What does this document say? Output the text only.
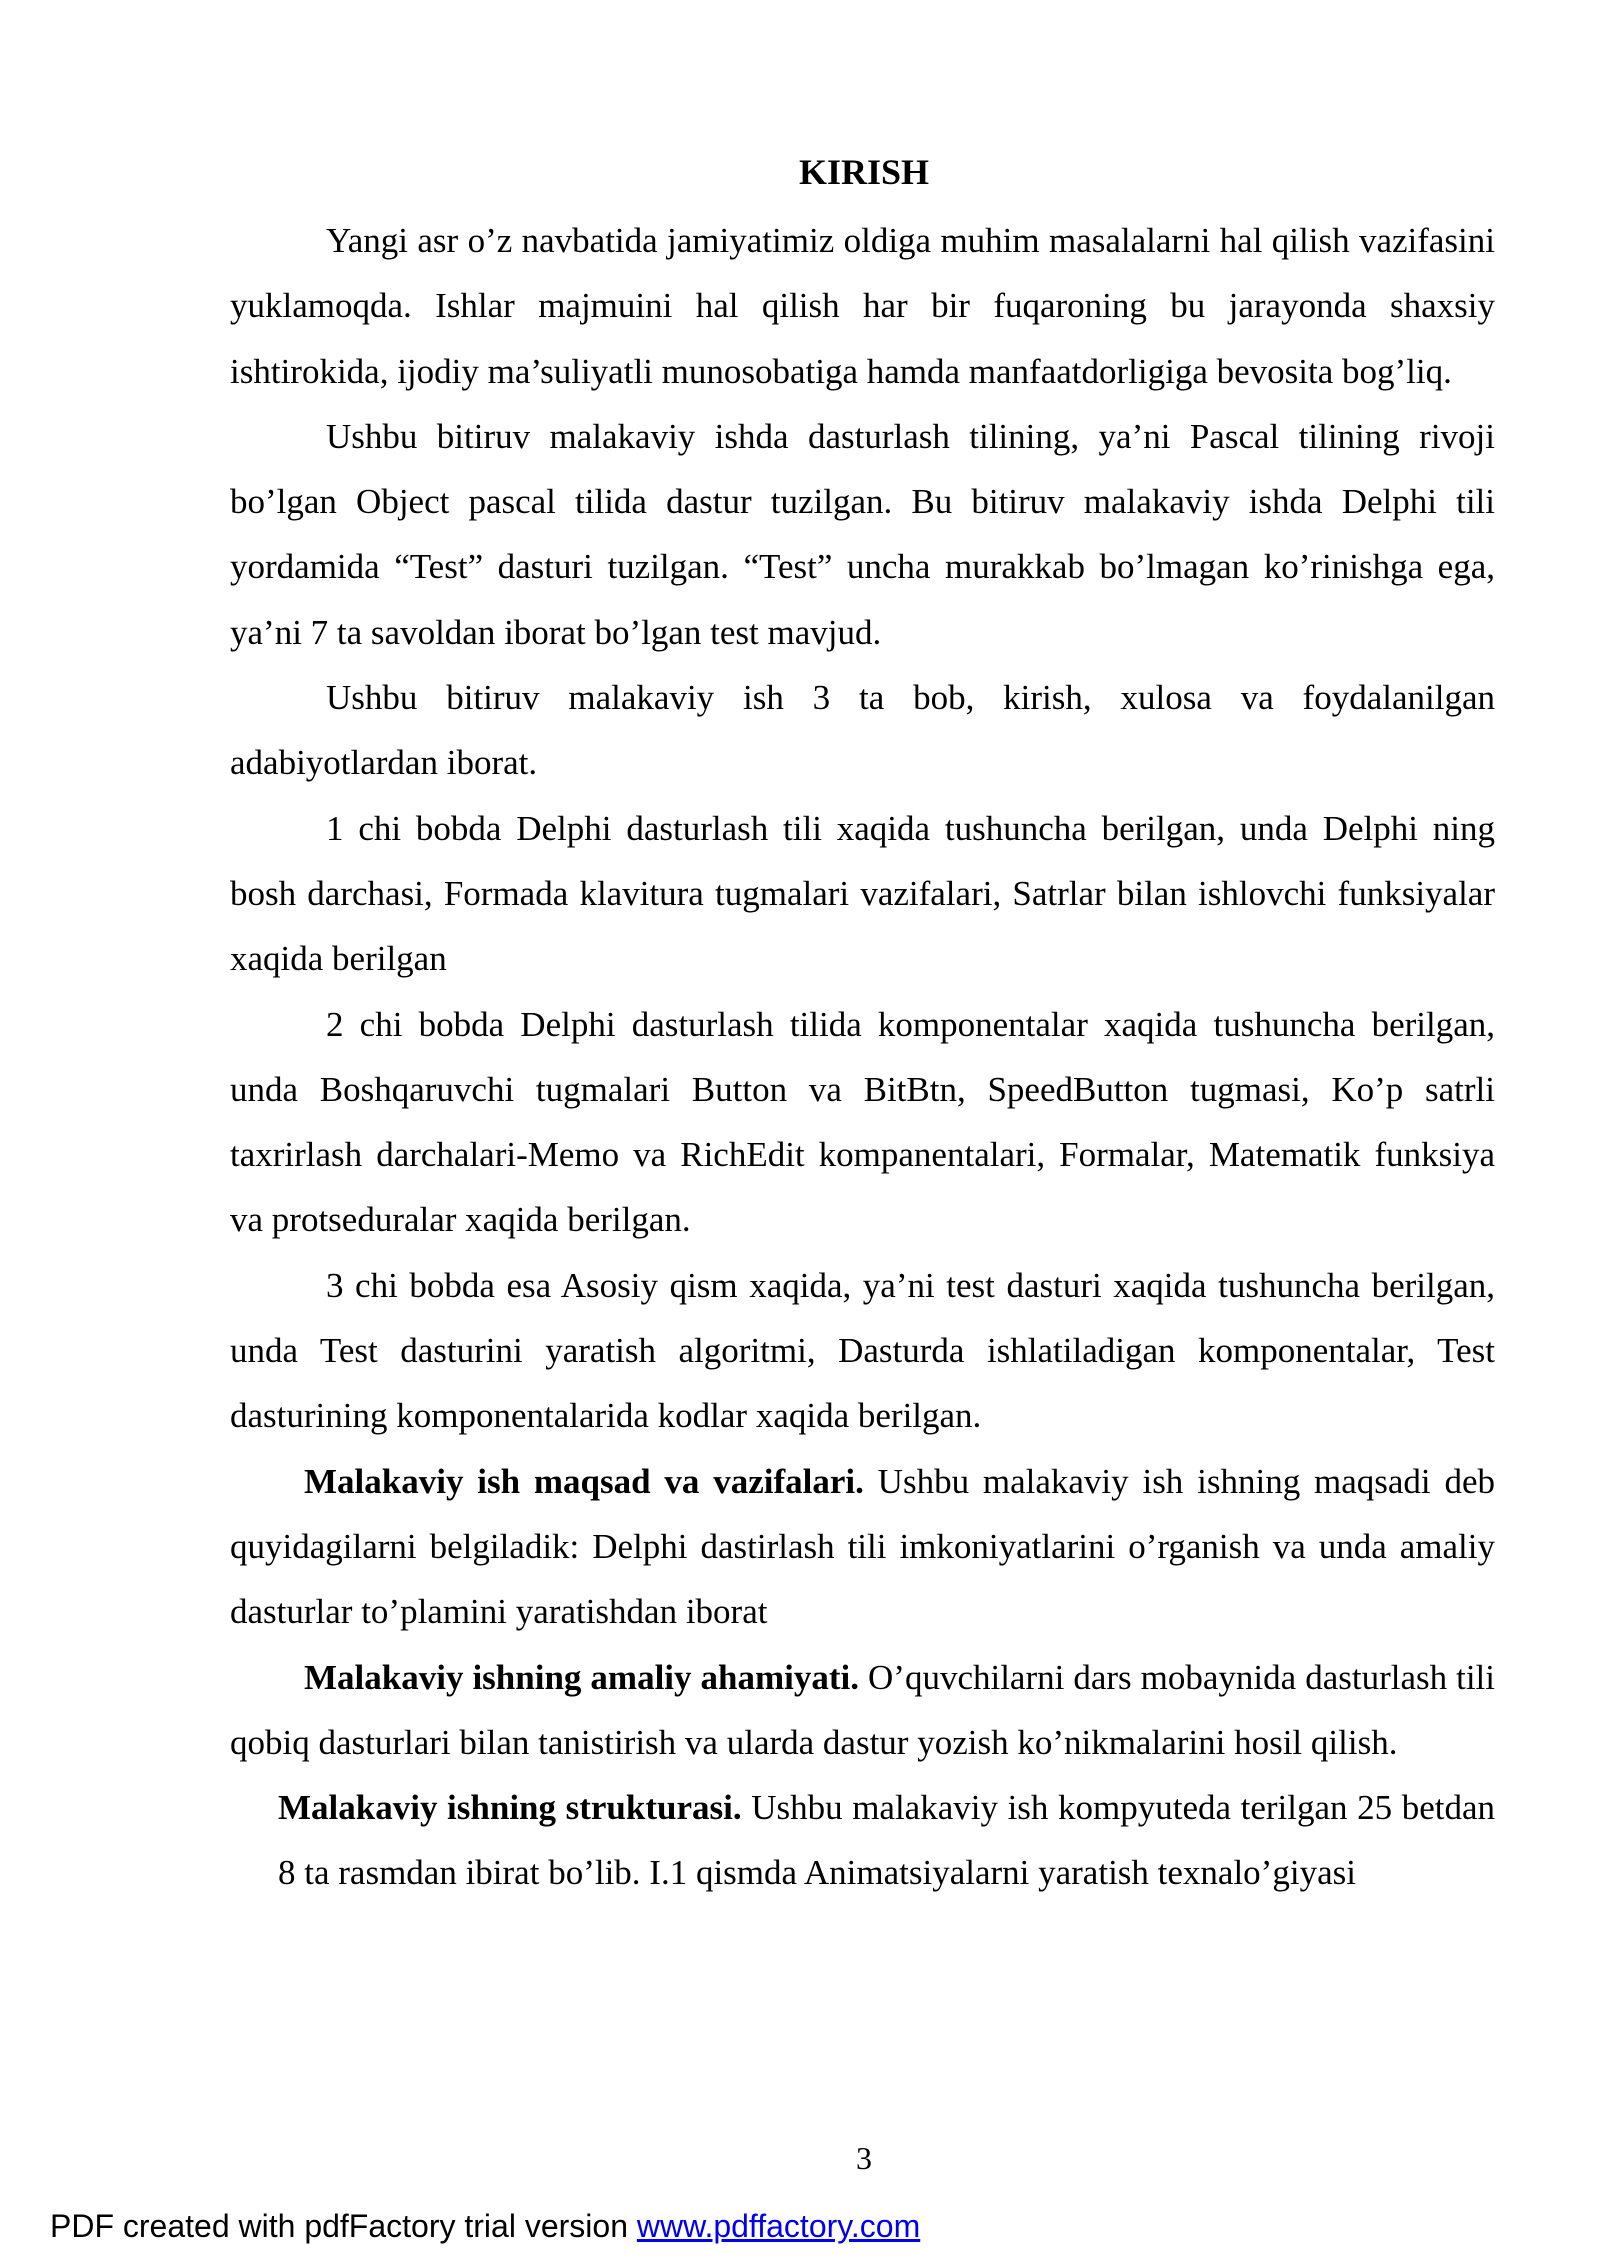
KIRISH

Yangi asr o’z navbatida jamiyatimiz oldiga muhim masalalarni hal qilish vazifasini yuklamoqda. Ishlar majmuini hal qilish har bir fuqaroning bu jarayonda shaxsiy ishtirokida, ijodiy ma’suliyatli munosobatiga hamda manfaatdorligiga bevosita bog’liq.

Ushbu bitiruv malakaviy ishda dasturlash tilining, ya’ni Pascal tilining rivoji bo’lgan Object pascal tilida dastur tuzilgan. Bu bitiruv malakaviy ishda Delphi tili yordamida “Test” dasturi tuzilgan. “Test” uncha murakkab bo’lmagan ko’rinishga ega, ya’ni 7 ta savoldan iborat bo’lgan test mavjud.

Ushbu bitiruv malakaviy ish 3 ta bob, kirish, xulosa va foydalanilgan adabiyotlardan iborat.

1 chi bobda Delphi dasturlash tili xaqida tushuncha berilgan, unda Delphi ning bosh darchasi, Formada klavitura tugmalari vazifalari, Satrlar bilan ishlovchi funksiyalar xaqida berilgan

2 chi bobda Delphi dasturlash tilida komponentalar xaqida tushuncha berilgan, unda Boshqaruvchi tugmalari Button va BitBtn, SpeedButton tugmasi, Ko’p satrli taxrirlash darchalari-Memo va RichEdit kompanentalari, Formalar, Matematik funksiya va protseduralar xaqida berilgan.

3 chi bobda esa Asosiy qism xaqida, ya’ni test dasturi xaqida tushuncha berilgan, unda Test dasturini yaratish algoritmi, Dasturda ishlatiladigan komponentalar, Test dasturining komponentalarida kodlar xaqida berilgan.

Malakaviy ish maqsad va vazifalari. Ushbu malakaviy ish ishning maqsadi deb quyidagilarni belgiladik: Delphi dastirlash tili imkoniyatlarini o’rganish va unda amaliy dasturlar to’plamini yaratishdan iborat

Malakaviy ishning amaliy ahamiyati. O’quvchilarni dars mobaynida dasturlash tili qobiq dasturlari bilan tanistirish va ularda dastur yozish ko’nikmalarini hosil qilish.

Malakaviy ishning strukturasi. Ushbu malakaviy ish kompyuteda terilgan 25 betdan 8 ta rasmdan ibirat bo’lib. I.1 qismda Animatsiyalarni yaratish texnalo’giyasi

3
PDF created with pdfFactory trial version www.pdffactory.com
